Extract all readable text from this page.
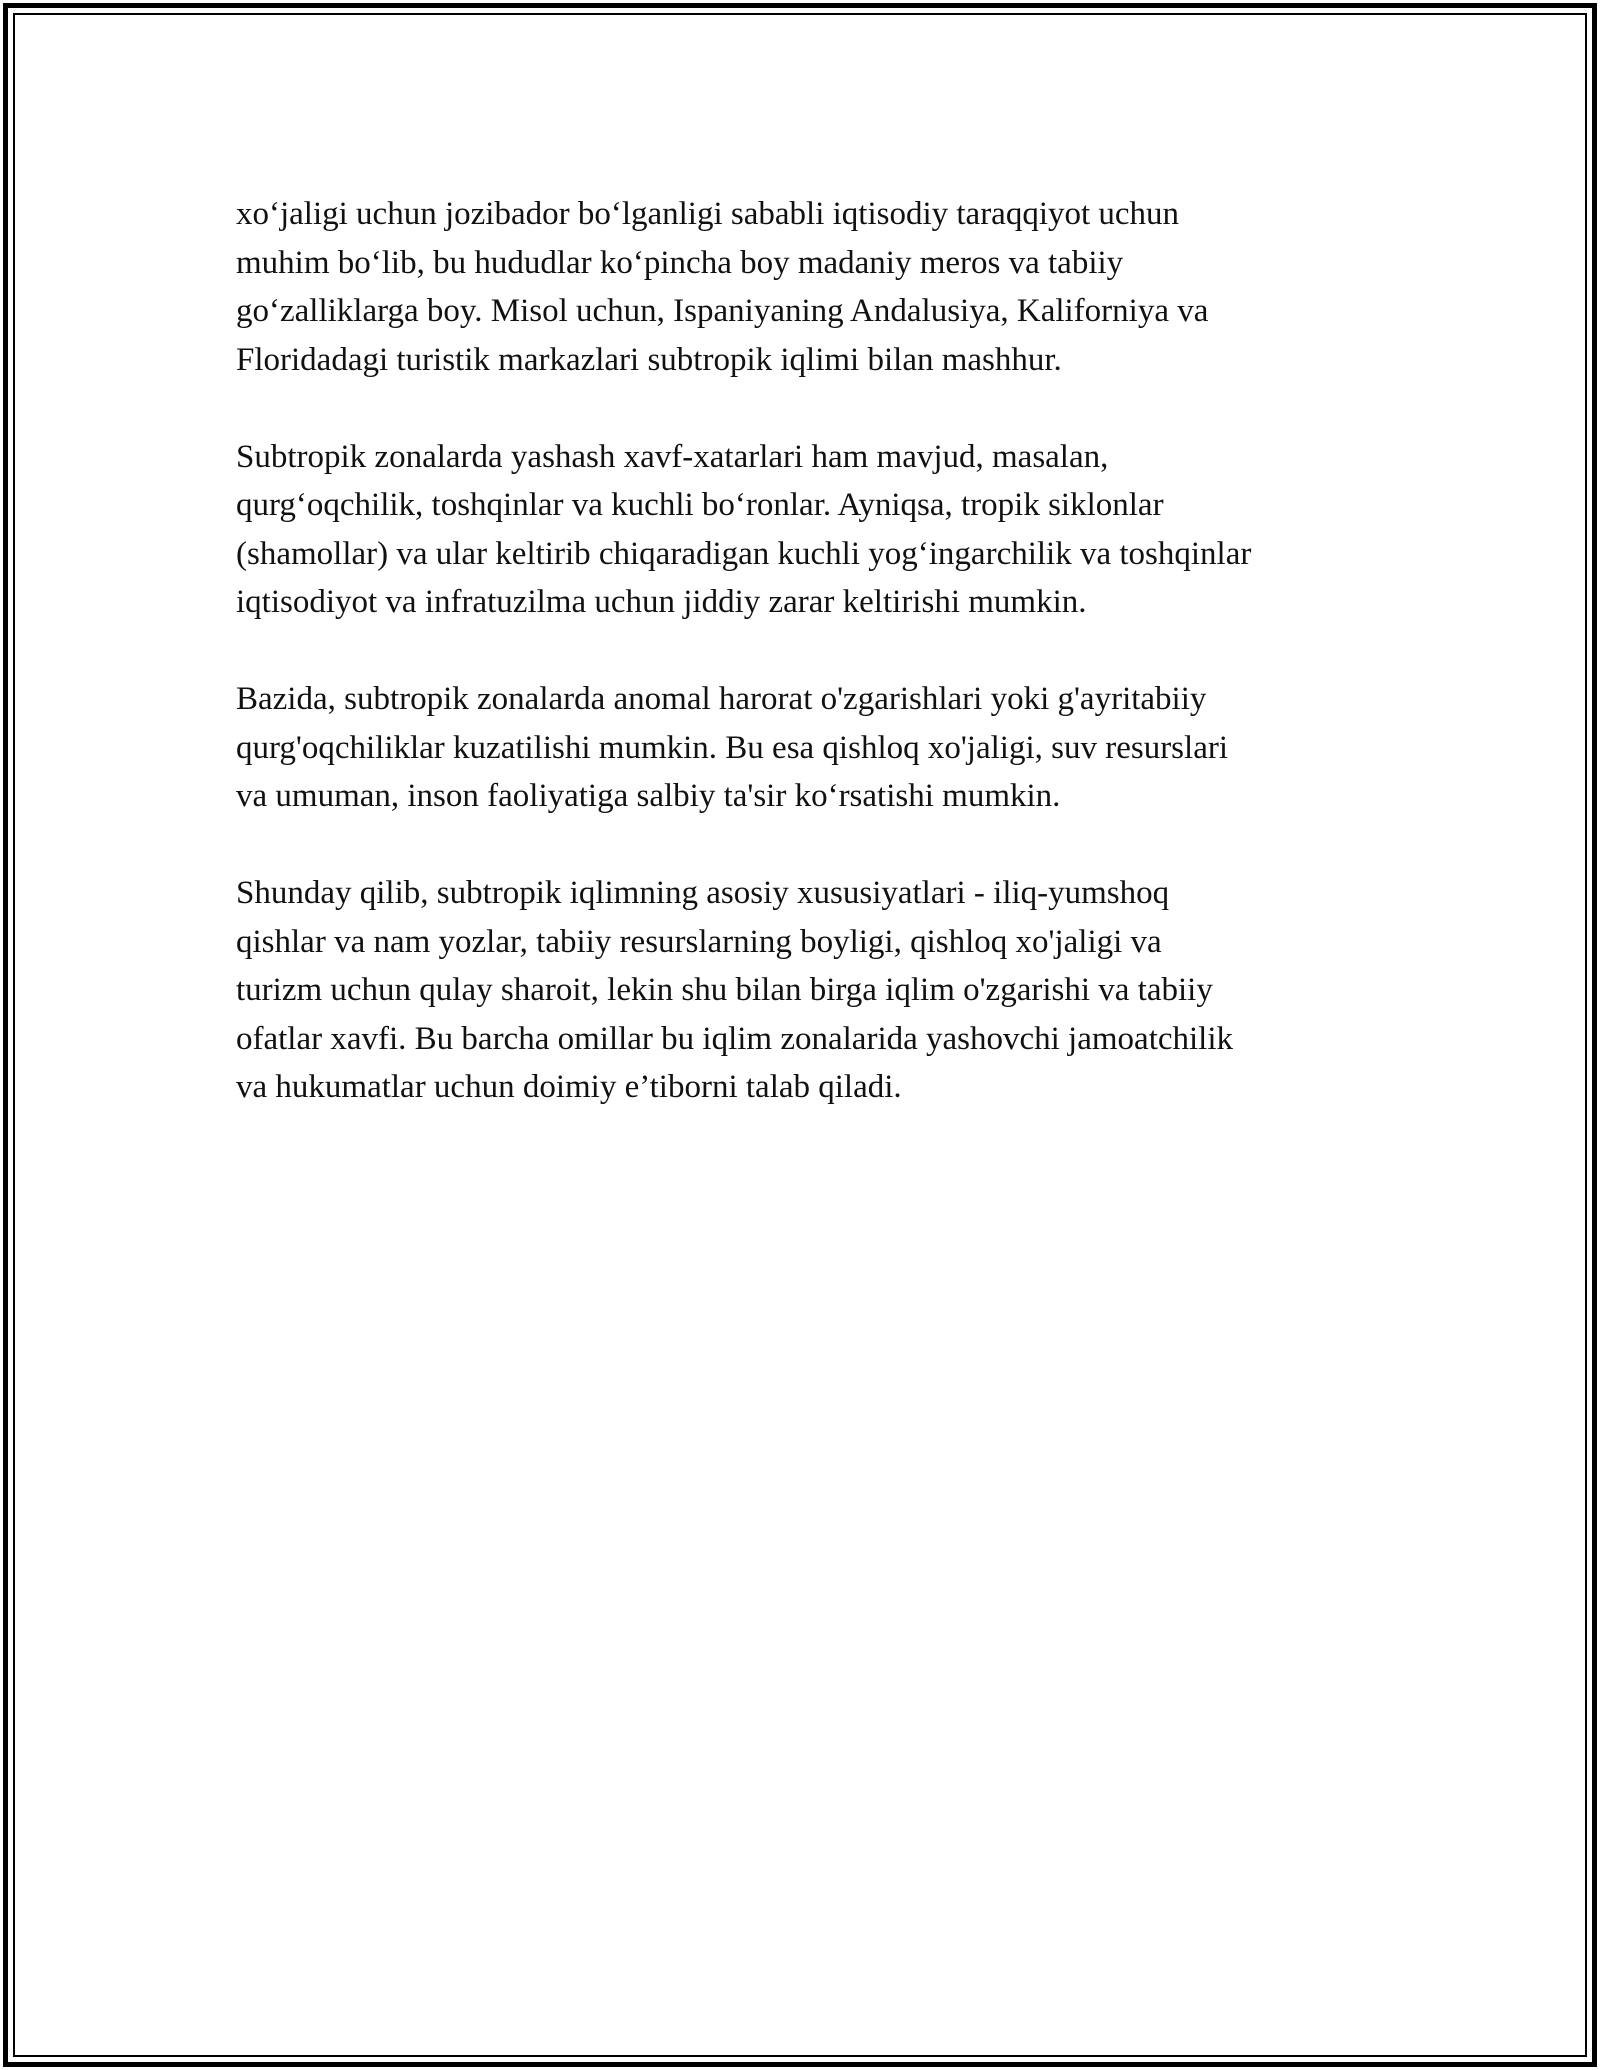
xo‘jaligi uchun jozibador bo‘lganligi sababli iqtisodiy taraqqiyot uchun
muhim bo‘lib, bu hududlar ko‘pincha boy madaniy meros va tabiiy
go‘zalliklarga boy. Misol uchun, Ispaniyaning Andalusiya, Kaliforniya va
Floridadagi turistik markazlari subtropik iqlimi bilan mashhur.

Subtropik zonalarda yashash xavf-xatarlari ham mavjud, masalan,
qurg‘oqchilik, toshqinlar va kuchli bo‘ronlar. Ayniqsa, tropik siklonlar
(shamollar) va ular keltirib chiqaradigan kuchli yog‘ingarchilik va toshqinlar
iqtisodiyot va infratuzilma uchun jiddiy zarar keltirishi mumkin.

Bazida, subtropik zonalarda anomal harorat o'zgarishlari yoki g'ayritabiiy
qurg'oqchiliklar kuzatilishi mumkin. Bu esa qishloq xo'jaligi, suv resurslari
va umuman, inson faoliyatiga salbiy ta'sir ko‘rsatishi mumkin.

Shunday qilib, subtropik iqlimning asosiy xususiyatlari - iliq-yumshoq
qishlar va nam yozlar, tabiiy resurslarning boyligi, qishloq xo'jaligi va
turizm uchun qulay sharoit, lekin shu bilan birga iqlim o'zgarishi va tabiiy
ofatlar xavfi. Bu barcha omillar bu iqlim zonalarida yashovchi jamoatchilik
va hukumatlar uchun doimiy e’tiborni talab qiladi.
